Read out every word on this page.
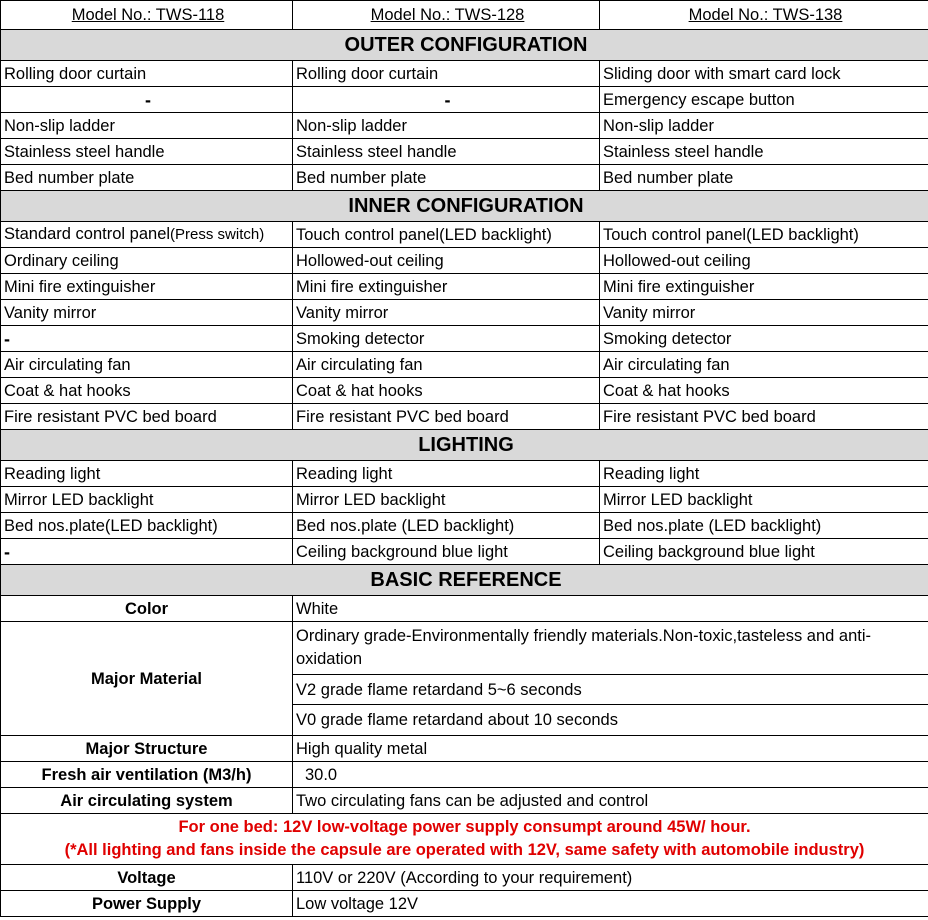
Model No.: TWS-118	Model No.: TWS-128	Model No.: TWS-138
OUTER CONFIGURATION		
Rolling door curtain	Rolling door curtain	Sliding door with smart card lock
-	-	Emergency escape button
Non-slip ladder	Non-slip ladder	Non-slip ladder
Stainless steel handle	Stainless steel handle	Stainless steel handle
Bed number plate	Bed number plate	Bed number plate
INNER CONFIGURATION		
Standard control panel(Press switch)	Touch control panel(LED backlight)	Touch control panel(LED backlight)
Ordinary ceiling	Hollowed-out ceiling	Hollowed-out ceiling
Mini fire extinguisher	Mini fire extinguisher	Mini fire extinguisher
Vanity mirror	Vanity mirror	Vanity mirror
-	Smoking detector	Smoking detector
Air circulating fan	Air circulating fan	Air circulating fan
Coat & hat hooks	Coat & hat hooks	Coat & hat hooks
Fire resistant PVC bed board	Fire resistant PVC bed board	Fire resistant PVC bed board
LIGHTING		
Reading light	Reading light	Reading light
Mirror LED backlight	Mirror LED backlight	Mirror LED backlight
Bed nos.plate(LED backlight)	Bed nos.plate (LED backlight)	Bed nos.plate (LED backlight)
-	Ceiling background blue light	Ceiling background blue light
BASIC REFERENCE		
Color	White	
Major Material	Ordinary grade-Environmentally friendly materials.Non-toxic,tasteless and anti-oxidation	
	V2 grade flame retardand 5~6 seconds	
	V0 grade flame retardand about 10 seconds	
Major Structure	High quality metal	
Fresh air ventilation (M3/h)	30.0	
Air circulating system	Two circulating fans can be adjusted and control	

For one bed: 12V low-voltage power supply consumpt around 45W/ hour.
(*All lighting and fans inside the capsule are operated with 12V, same safety with automobile industry)		

Voltage	110V or 220V (According to your requirement)	
Power Supply	Low voltage 12V	
